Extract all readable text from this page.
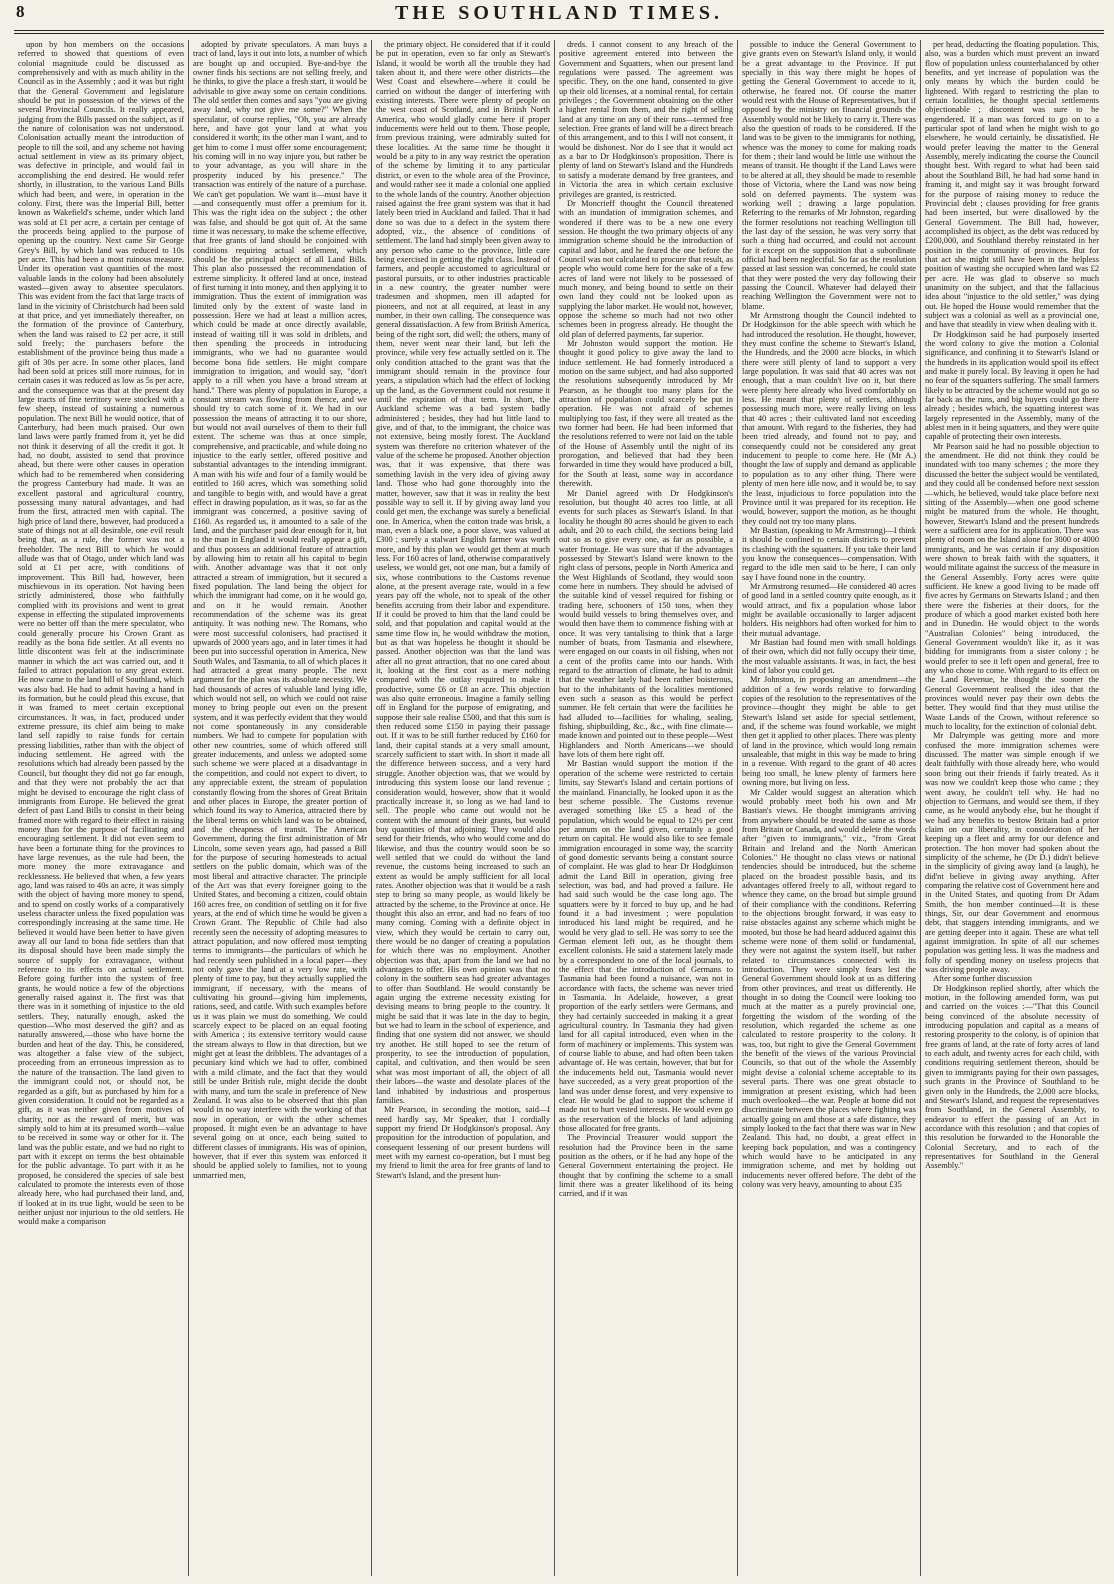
8	THE SOUTHLAND TIMES.

upon by hon members on the occasions referred to showed that questions of even colonial magnitude could be discussed as comprehensively and with as much ability in the Council as in the Assembly ; and it was but right that the General Government and legislature should be put in possession of the views of the several Provincial Councils. It really appeared, judging from the Bills passed on the subject, as if the nature of colonisation was not understood. Colonisation actually meant the introduction of people to till the soil, and any scheme not having actual settlement in view as its primary object, was defective in principle, and would fail in accomplishing the end desired. He would refer shortly, in illustration, to the various Land Bills which had been, and were, in operation in the colony. First, there was the Imperial Bill, better known as Wakefield's scheme, under which land was sold at £1 per acre, a certain per centage of the proceeds being applied to the purpose of opening up the country. Next came Sir George Grey's Bill, by which land was reduced to 10s per acre. This had been a most ruinous measure. Under its operation vast quantities of the most valuable lands in the colony had been absolutely wasted—given away to absentee speculators. This was evident from the fact that large tracts of land in the vicinity of Christchurch had been sold at that price, and yet immediately thereafter, on the formation of the province of Canterbury, when the land was raised to £2 per acre, it still sold freely; the purchasers before the establishment of the province being thus made a gift of 30s per acre. In some other places, land had been sold at prices still more ruinous, for in certain cases it was reduced as low as 5s per acre, and the consequence was that at the present day large tracts of fine territory were stocked with a few sheep, instead of sustaining a numerous population. The next Bill he would notice, that of Canterbury, had been much praised. Our own land laws were partly framed from it, yet he did not think it deserving of all the credit it got. It had, no doubt, assisted to send that province ahead, but there were other causes in operation which had to be remembered when considering the progress Canterbury had made. It was an excellent pastoral and agricultural country, possessing many natural advantages, and had from the first, attracted men with capital. The high price of land there, however, had produced a state of things not at all desirable, one evil result being that, as a rule, the former was not a freeholder. The next Bill to which he would allude was that of Otago, under which land was sold at £1 per acre, with conditions of improvement. This Bill had, however, been mischievous in its operation. Not having been strictly administered, those who faithfully complied with its provisions and went to great expense in effecting the stipulated improvements were no better off than the mere speculator, who could generally procure his Crown Grant as readily as the bona fide settler. At all events no little discontent was felt at the indiscriminate manner in which the act was carried out, and it failed to attract population to any great extent. He now came to the land bill of Southland, which was also bad. He had to admit having a hand in its formation, but he could plead this excuse, that it was framed to meet certain exceptional circumstances. It was, in fact, produced under extreme pressure, its chief aim being to make land sell rapidly to raise funds for certain pressing liabilities, rather than with the object of inducing settlement. He agreed with the resolutions which had already been passed by the Council, but thought they did not go far enough, and that they were not probably the act that might be devised to encourage the right class of immigrants from Europe. He believed the great defect of past Land Bills to consist in their being framed more with regard to their effect in raising money than for the purpose of facilitating and encouraging settlement. It did not even seem to have been a fortunate thing for the provinces to have large revenues, as the rule had been, the more money the more extravagance and recklessness. He believed that when, a few years ago, land was raised to 40s an acre, it was simply with the object of having more money to spend, and to spend on costly works of a comparatively useless character unless the fixed population was correspondingly increasing at the same time. He believed it would have been better to have given away all our land to bona fide settlers than that its disposal should have been made simply the source of supply for extravagance, without reference to its effects on actual settlement. Before going further into the system of free grants, he would notice a few of the objections generally raised against it. The first was that there was in it something of injustice to the old settlers. They, naturally enough, asked the question—Who most deserved the gift? and as naturally answered,—those who have borne the burden and heat of the day. This, he considered, was altogether a false view of the subject, proceeding from an erroneous impression as to the nature of the transaction. The land given to the immigrant could not, or should not, be regarded as a gift, but as purchased by him for a given consideration. It could not be regarded as a gift, as it was neither given from motives of charity, nor as the reward of merit, but was simply sold to him at its presumed worth—value to be received in some way or other for it. The land was the public estate, and we had no right to part with it except on terms the best obtainable for the public advantage. To part with it as he proposed, he considered the species of sale best calculated to promote the interests even of those already here, who had purchased their land, and, if looked at in its true light, would be seen to be neither unjust nor injurious to the old settlers. He would make a comparison

adopted by private speculators. A man buys a tract of land, lays it out into lots, a number of which are bought up and occupied. Bye-and-bye the owner finds his sections are not selling freely, and he thinks, to give the place a fresh start, it would be advisable to give away some on certain conditions. The old settler then comes and says "you are giving away land, why not give me some?" When the speculator, of course replies, "Oh, you are already here, and have got your land at what you considered it worth; its the other man I want, and to get him to come I must offer some encouragement; his coming will in no way injure you, but rather be to your advantage, as you will share in the prosperity induced by his presence." The transaction was entirely of the nature of a purchase. We can't get population. We want it—must have it—and consequently must offer a premium for it. This was the right idea on the subject ; the other was false, and should be got quit of. At the same time it was necessary, to make the scheme effective, that free grants of land should be conjoined with conditions requiring actual settlement, which should be the principal object of all Land Bills. This plan also possessed the recommendation of extreme simplicity. It offered land at once, instead of first turning it into money, and then applying it to immigration. Thus the extent of immigration was limited only by the extent of waste land in possession. Here we had at least a million acres, which could be made at once directly available, instead of waiting till it was sold in driblets, and then spending the proceeds in introducing immigrants, who we had no guarantee would become bona fide settlers. He might compare immigration to irrigation, and would say, "don't apply to a rill when you have a broad stream at hand." There was plenty of population in Europe, a constant stream was flowing from thence, and we should try to catch some of it. We had in our possession the means of attracting it to our shore, but would not avail ourselves of them to their full extent. The scheme was thus at once simple, comprehensive, and practicable, and while doing no injustice to the early settler, offered positive and substantial advantages to the intending immigrant. A man with his wife and four of a family would be entitled to 160 acres, which was something solid and tangible to begin with, and would have a great effect in drawing population, as it was, so far as the immigrant was concerned, a positive saving of £160. As regarded us, it amounted to a sale of the land, and the purchaser paid dear enough for it, but to the man in England it would really appear a gift, and thus possess an additional feature of attraction by allowing him to retain all his capital to begin with. Another advantage was that it not only attracted a stream of immigration, but it secured a fixed population. The land being the object for which the immigrant had come, on it he would go, and on it he would remain. Another recommendation of the scheme was its great antiquity. It was nothing new. The Romans, who were most successful colonisers, had practised it upwards of 2000 years ago, and in later times it had been put into successful operation in America, New South Wales, and Tasmania, to all of which places it had attracted a great many people. The next argument for the plan was its absolute necessity. We had thousands of acres of valuable land lying idle, which would not sell, on which we could not raise money to bring people out even on the present system, and it was perfectly evident that they would not come spontaneously in any considerable numbers. We had to compete for population with other new countries, some of which offered still greater inducements, and unless we adopted some such scheme we were placed at a disadvantage in the competition, and could not expect to divert, to any appreciable extent, the stream of population constantly flowing from the shores of Great Britain and other places in Europe, the greater portion of which found its way to America, attracted there by the liberal terms on which land was to be obtained, and the cheapness of transit. The American Government, during the first administration of Mr Lincoln, some seven years ago, had passed a Bill for the purpose of securing homesteads to actual settlers on the public domain, which was of the most liberal and attractive character. The principle of the Act was that every foreigner going to the United States, and becoming a citizen, could obtain 160 acres free, on condition of settling on it for five years, at the end of which time he would be given a Crown Grant. The Republic of Chile had also recently seen the necessity of adopting measures to attract population, and now offered most tempting terms to immigrants—the particulars of which he had recently seen published in a local paper—they not only gave the land at a very low rate, with plenty of time to pay, but they actually supplied the immigrant, if necessary, with the means of cultivating his ground—giving him implements, rations, seed, and cattle. With such examples before us it was plain we must do something. We could scarcely expect to be placed on an equal footing with America ; its extensive territory would cause the stream always to flow in that direction, but we might get at least the dribblets. The advantages of a pecuniary kind which we had to offer, combined with a mild climate, and the fact that they would still be under British rule, might decide the doubt with many, and turn the scale in preference of New Zealand. It was also to be observed that this plan would in no way interfere with the working of that now in operation, or with the other schemes proposed. It might even be an advantage to have several going on at once, each being suited to different classes of immigrants. His was of opinion, however, that if ever this system was enforced it should be applied solely to families, not to young unmarried men,

the primary object. He considered that if it could be put in operation, even so far only as Stewart's Island, it would be worth all the trouble they had taken about it, and there were other districts—the West Coast and elsewhere—where it could be carried on without the danger of interfering with existing interests. There were plenty of people on the west coast of Scotland, and in British North America, who would gladly come here if proper inducements were held out to them. Those people, from previous training, were admirably suited for these localities. At the same time he thought it would be a pity to in any way restrict the operation of the scheme by limiting it to any particular district, or even to the whole area of the Province, and would rather see it made a colonial one applied to the whole lands of the country. Another objection raised against the free grant system was that it had lately been tried in Auckland and failed. That it had done so was due to a defect in the system there adopted, viz., the absence of conditions of settlement. The land had simply been given away to any person who came to the province, little care being exercised in getting the right class. Instead of farmers, and people accustomed to agricultural or pastoral pursuits, or to other industries practicable in a new country, the greater number were tradesmen and shopmen, men ill adapted for pioneers, and not at all required, at least in any number, in their own calling. The consequence was general dissatisfaction. A few from British America, being of the right sort, did well; the others, many of them, never went near their land, but left the province, while very few actually settled on it. The only condition attached to the grant was that the immigrant should remain in the province four years, a stipulation which had the effect of locking up the land, as the Government could not resume it until the expiration of that term. In short, the Auckland scheme was a bad system badly administered ; besides, they had but little land to give, and of that, to the immigrant, the choice was not extensive, being mostly forest. The Auckland system was therefore no criterion whatever of the value of the scheme he proposed. Another objection was, that it was expensive, that there was something lavish in the very idea of giving away land. Those who had gone thoroughly into the matter, however, saw that it was in reality the best possible way to sell it. If by giving away land you could get men, the exchange was surely a beneficial one. In America, when the cotton trade was brisk, a man, even a black one, a poor slave, was valued at £300 ; surely a stalwart English farmer was worth more, and by this plan we would get them at much less. For 160 acres of land, otherwise comparatively useless, we would get, not one man, but a family of six, whose contributions to the Customs revenue alone, at the present average rate, would in a few years pay off the whole, not to speak of the other benefits accruing from their labor and expenditure. If it could be proved to him that the land could be sold, and that population and capital would at the same time flow in, he would withdraw the motion, but as that was hopeless he thought it should be passed. Another objection was that the land was after all no great attraction, that no one cared about it, looking at the first cost as a mere nothing compared with the outlay required to make it productive, some £6 or £8 an acre. This objection was also quite erroneous. Imagine a family selling off in England for the purpose of emigrating, and suppose their sale realise £500, and that this sum is then reduced some £150 in paying their passage out. If it was to be still further reduced by £160 for land, their capital stands at a very small amount, scarcely sufficient to start with. In short it made all the difference between success, and a very hard struggle. Another objection was, that we would by introducing this system loose our land revenue ; consideration would, however, show that it would practically increase it, so long as we had land to sell. The people who came out would not be content with the amount of their grants, but would buy quantities of that adjoining. They would also send for their friends, who who would come and do likewise, and thus the country would soon be so well settled that we could do without the land revenue, the customs being increased to such an extent as would be amply sufficient for all local rates. Another objection was that it would be a rash step to bring so many people, as would likely be attracted by the scheme, to the Province at once. He thought this also an error, and had no fears of too many coming. Coming with a definite object in view, which they would be certain to carry out, there would be no danger of creating a population for which there was no employment. Another objection was that, apart from the land we had no advantages to offer. His own opinion was that no colony in the southern seas had greater advantages to offer than Southland. He would constantly be again urging the extreme necessity existing for devising means to bring people to the country. It might be said that it was late in the day to begin, but we had to learn in the school of experience, and finding that one system did not answer, we should try another. He still hoped to see the return of prosperity, to see the introduction of population, capital, and cultivation, and then would be seen what was most important of all, the object of all their labors—the waste and desolate places of the land inhabited by industrious and prosperous families.

Mr Pearson, in seconding the motion, said—I need hardly say, Mr Speaker, that I cordially support my friend Dr Hodgkinson's proposal. Any proposition for the introduction of population, and consequent lessening of our present burdens will meet with my earnest co-operation, but I must beg my friend to limit the area for free grants of land to Stewart's Island, and the present hun-

dreds. I cannot consent to any breach of the positive agreement entered into between the Government and Squatters, when our present land regulations were passed. The agreement was specific. They, on the one hand, consented to give up their old licenses, at a nominal rental, for certain privileges ; the Government obtaining on the other a higher rental from them, and the right of selling land at any time on any of their runs—termed free selection. Free grants of land will be a direct breach of this arrangement, and to this I will not consent, it would be dishonest. Nor do I see that it would act as a bar to Dr Hodgkinson's proposition. There is plenty of land on Stewart's Island and the Hundreds to satisfy a moderate demand by free grantees, and in Victoria the area in which certain exclusive privileges are granted, is restricted.

Dr Moncrieff thought the Council threatened with an inundation of immigration schemes, and wondered if there was to be a new one every session. He thought the two primary objects of any immigration scheme should be the introduction of capital and labor, and he feared the one before the Council was not calculated to procure that result, as people who would come here for the sake of a few acres of land were not likely to be possessed of much money, and being bound to settle on their own land they could not be looked upon as supplying the labor market. He would not, however, oppose the scheme so much had not two other schemes been in progress already. He thought the old plan of deferred payments, far superior.

Mr Johnston would support the motion. He thought it good policy to give away the land to induce settlement. He had formerly introduced a motion on the same subject, and had also supported the resolutions subsequently introduced by Mr Pearson, as he thought too many plans for the attraction of population could scarcely be put in operation. He was not afraid of schemes multiplying too fast, if they were all treated as the two former had been. He had been informed that the resolutions referred to were not laid on the table of the House of Assembly until the night of its prorogation, and believed that had they been forwarded in time they would have produced a bill, for the South at least, some way in accordance therewith.

Mr Daniel agreed with Dr Hodgkinson's resolution, but thought 40 acres too little, at all events for such places as Stewart's Island. In that locality he thought 80 acres should be given to each adult, and 20 to each child, the sections being laid out so as to give every one, as far as possible, a water frontage. He was sure that if the advantages possessed by Stewart's Island were known to the right class of persons, people in North America and the West Highlands of Scotland, they would soon come here in numbers. They should be advised of the suitable kind of vessel required for fishing or trading here, schooners of 150 tons, when they would build vessels to bring themselves over, and would then have them to commence fishing with at once. It was very tantalising to think that a large number of boats, from Tasmania and elsewhere, were engaged on our coasts in oil fishing, when not a cent of the profits came into our hands. With regard to the attraction of climate, he had to admit that the weather lately had been rather boisterous, but to the inhabitants of the localities mentioned even such a season as this would be perfect summer. He felt certain that were the facilities he had alluded to—facilities for whaling, sealing, fishing, shipbuilding, &c., &c., with fine climate—made known and pointed out to these people—West Highlanders and North Americans—we should have lots of them here right off.

Mr Bastian would support the motion if the operation of the scheme were restricted to certain limits, say Stewart's Island and certain portions of the mainland. Financially, he looked upon it as the best scheme possible. The Customs revenue averaged something like £5 a head of the population, which would be equal to 12½ per cent per annum on the land given, certainly a good return on capital. He would also like to see female immigration encouraged in some way, the scarcity of good domestic servants being a constant source of complaint. He was glad to hear Dr Hodgkinson admit the Land Bill in operation, giving free selection, was bad, and had proved a failure. He had said such would be the case long ago. The squatters were by it forced to buy up, and he had found it a bad investment ; were population introduced his land might be required, and he would be very glad to sell. He was sorry to see the German element left out, as he thought them excellent colonists. He said a statement lately made by a correspondent to one of the local journals, to the effect that the introduction of Germans to Tasmania had been found a nuisance, was not in accordance with facts, the scheme was never tried in Tasmania. In Adelaide, however, a great proportion of the early settlers were Germans, and they had certainly succeeded in making it a great agricultural country. In Tasmania they had given land for all capital introduced, even when in the form of machinery or implements. This system was of course liable to abuse, and had often been taken advantage of. He was certain, however, that but for the inducements held out, Tasmania would never have succeeded, as a very great proportion of the land was under dense forest, and very expensive to clear. He would be glad to support the scheme if made not to hurt vested interests. He would even go as the reservation of the blocks of land adjoining those allocated for free grants.

The Provincial Treasurer would support the resolution had the Province been in the same position as the others, or if he had any hope of the General Government entertaining the project. He thought that by confining the scheme to a small limit there was a greater likelihood of its being carried, and if it was

possible to induce the General Government to give grants even on Stewart's Island only, it would be a great advantage to the Province. If put specially in this way there might be hopes of getting the General Government to accede to it, otherwise, he feared not. Of course the matter would rest with the House of Representatives, but if opposed by the ministry on financial grounds the Assembly would not be likely to carry it. There was also the question of roads to be considered. If the land was to be given to the immigrants for nothing, whence was the money to come for making roads for them ; their land would be little use without the means of transit. He thought if the Land Laws were to be altered at all, they should be made to resemble those of Victoria, where the Land was now being sold on deferred payments. The system was working well ; drawing a large population. Referring to the remarks of Mr Johnston, regarding the former resolutions not reaching Wellington till the last day of the session, he was very sorry that such a thing had occurred, and could not account for it except on the supposition that a subordinate official had been neglectful. So far as the resolution passed at last session was concerned, he could state that they were posted the very day following their passing the Council. Whatever had delayed their reaching Wellington the Government were not to blame.

Mr Armstrong thought the Council indebted to Dr Hodgkinson for the able speech with which he had introduced the resolution. He thought, however, they must confine the scheme to Stewart's Island, the Hundreds, and the 2000 acre blocks, in which there were still plenty of land to support a very large population. It was said that 40 acres was not enough, that a man couldn't live on it, but there were plenty here already who lived comfortably on less. He meant that plenty of settlers, although possessing much more, were really living on less that 40 acres ; their cultivated land not exceeding that amount. With regard to the fisheries, they had been tried already, and found not to pay, and consequently could not be considered any great inducement to people to come here. He (Mr A.) thought the law of supply and demand as applicable to population as to any other thing. There were plenty of men here idle now, and it would be, to say the least, injudicious to force population into the Province until it was prepared for its reception. He would, however, support the motion, as he thought they could not try too many plans.

Mr Bastian, (speaking to Mr Armstrong)—I think it should be confined to certain districts to prevent its clashing with the squatters. If you take their land you know the consequences—compensation. With regard to the idle men said to be here, I can only say I have found none in the country.

Mr Armstrong resumed—He considered 40 acres of good land in a settled country quite enough, as it would attract, and fix a population whose labor might be available occasionally to larger adjacent holders. His neighbors had often worked for him to their mutual advantage.

Mr Bastian had found men with small holdings of their own, which did not fully occupy their time, the most valuable assistants. It was, in fact, the best kind of labor you could get.

Mr Johnston, in proposing an amendment—the addition of a few words relative to forwarding copies of the resolution to the representatives of the province—thought they might be able to get Stewart's Island set aside for special settlement, and, if the scheme was found workable, we might then get it applied to other places. There was plenty of land in the province, which would long remain unsaleable, that might in this way be made to bring in a revenue. With regard to the grant of 40 acres being too small, he knew plenty of farmers here owning more, but living on less.

Mr Calder would suggest an alteration which would probably meet both his own and Mr Bastian's views. He thought immigrants arriving from anywhere should be treated the same as those from Britain or Canada, and would delete the words after "given to immigrants," viz., "from Great Britain and Ireland and the North American Colonies." He thought no class views or national tendencies should be introduced, but the scheme placed on the broadest possible basis, and its advantages offered freely to all, without regard to whence they came, on the broad but simple ground of their compliance with the conditions. Referring to the objections brought forward, it was easy to raise obstacles against any scheme which might be mooted, but those he had heard adduced against this scheme were none of them solid or fundamental, they were not against the system itself, but rather related to circumstances connected with its introduction. They were simply fears lest the General Government should look at us as differing from other provinces, and treat us differently. He thought in so doing the Council were looking too much at the matter as a purely provincial one, forgetting the wisdom of the wording of the resolution, which regarded the scheme as one calculated to restore prosperity to the colony. It was, too, but right to give the General Government the benefit of the views of the various Provincial Councils, so that out of the whole the Assembly might devise a colonial scheme acceptable to its several parts. There was one great obstacle to immigration at present existing, which had been much overlooked—the war. People at home did not discriminate between the places where fighting was actually going on and those at a safe distance, they simply looked to the fact that there was war in New Zealand. This had, no doubt, a great effect in keeping back population, and was a contingency which would have to be anticipated in any immigration scheme, and met by holding out inducements never offered before. The debt of the colony was very heavy, amounting to about £35

per head, deducting the floating population. This, also, was a burden which must prevent an inward flow of population unless counterbalanced by other benefits, and yet increase of population was the only means by which the burden could be lightened. With regard to restricting the plan to certain localities, he thought special settlements objectionable ; discontent was sure to be engendered. If a man was forced to go on to a particular spot of land when he might wish to go elsewhere, he would certainly, be dissatisfied. He would prefer leaving the matter to the General Assembly, merely indicating the course the Council thought best. With regard to what had been said about the Southland Bill, he had had some hand in framing it, and might say it was brought forward for the purpose of raising money to reduce the Provincial debt ; clauses providing for free grants had been inserted, but were disallowed by the General Government. The Bill had, however, accomplished its object, as the debt was reduced by £200,000, and Southland thereby reinstated in her position in the community of provinces. But for that act she might still have been in the helpless position of wasting she occupied when land was £2 per acre. He was glad to observe so much unanimity on the subject, and that the fallacious idea about "injustice to the old settler," was dying out. He hoped the House would remember that the subject was a colonial as well as a provincial one, and have that steadily in view when dealing with it.

Dr Hodgkinson said he had purposely inserted the word colony to give the motion a Colonial significance, and confining it to Stewart's Island or the hundreds in its application would spoil its effect and make it purely local. By leaving it open he had no fear of the squatters suffering. The small farmers likely to be attracted by the scheme would not go so far back as the runs, and big buyers could go there already ; besides which, the squatting interest was largely represented in the Assembly, many of the ablest men in it being squatters, and they were quite capable of protecting their own interests.

Mr Pearson said he had no possible objection to the amendment. He did not think they could be inundated with too many schemes ; the more they discussed the better the subject would be ventilated, and they could all be condensed before next session—which, he believed, would take place before next sitting of the Assembly—when one good scheme might be matured from the whole. He thought, however, Stewart's Island and the present hundreds were a sufficient area for its application. There was plenty of room on the Island alone for 3000 or 4000 immigrants, and he was certain if any disposition were shown to break faith with the squatters, it would militate against the success of the measure in the General Assembly. Forty acres were quite sufficient. He knew a good living to be made off five acres by Germans on Stewarts Island ; and then there were the fisheries at their doors, for the produce of which a good market existed both here and in Dunedin. He would object to the words "Australian Colonies" being introduced, the General Government wouldn't like it, as it was bidding for immigrants from a sister colony ; he would prefer to see it left open and general, free to any who chose to come. With regard to its effect on the Land Revenue, he thought the sooner the General Government realised the idea that the provinces would never pay their own debts the better. They would find that they must utilise the Waste Lands of the Crown, without reference so much to locality, for the extinction of colonial debt.

Mr Dalrymple was getting more and more confused the more immigration schemes were discussed. The matter was simple enough if we dealt faithfully with those already here, who would soon bring out their friends if fairly treated. As it was now we couldn't keep those who came ; they went away, he couldn't tell why. He had no objection to Germans, and would see them, if they came, as he would anybody else, but he thought if we had any benefits to bestow Britain had a prior claim on our liberality, in consideration of her keeping up a fleet and army for our defence and protection. The hon mover had spoken about the simplicity of the scheme, he (Dr D.) didn't believe in the simplicity of giving away land (a laugh), he did'nt believe in giving away anything. After comparing the relative cost of Government here and in the United States, and quoting from Dr Adam Smith, the hon member continued—It is these things, Sir, our dear Government and enormous debt, that staggers intending immigrants, and we are getting deeper into it again. These are what tell against immigration. In spite of all our schemes population was getting less. It was the madness and folly of spending money on useless projects that was driving people away.

After some further discussion

Dr Hodgkinson replied shortly, after which the motion, in the following amended form, was put and carried on the voices :—"That this Council being convinced of the absolute necessity of introducing population and capital as a means of restoring prosperity to the colony, is of opinion that free grants of land, at the rate of forty acres of land to each adult, and twenty acres for each child, with conditions requiring settlement thereon, should be given to immigrants paying for their own passages, such grants in the Province of Southland to be given only in the Hundreds, the 2,000 acre blocks, and Stewart's Island, and request the representatives from Southland, in the General Assembly, to endeavor to effect the passing of an Act in accordance with this resolution ; and that copies of this resolution be forwarded to the Honorable the Colonial Secretary, and to each of the representatives for Southland in the General Assembly."
